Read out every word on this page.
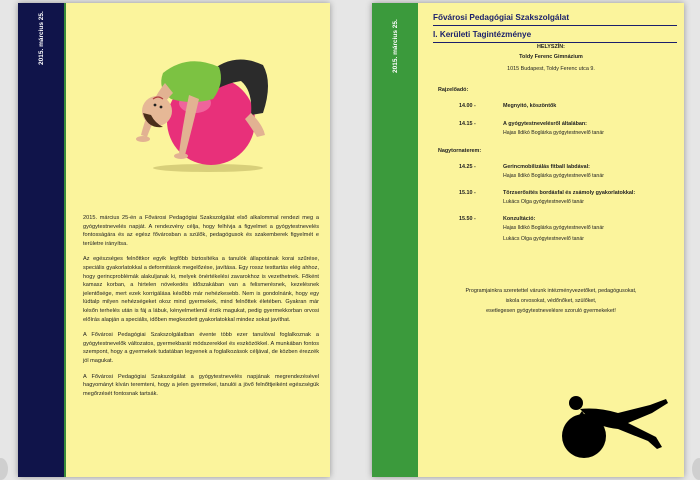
2015. március 25.

2015. március 25-én a Fővárosi Pedagógiai Szakszolgálat első alkalommal rendezi meg a gyógytestnevelés napját. A rendezvény célja, hogy felhívja a figyelmet a gyógytestnevelés fontosságára és az egész fővárosban a szülők, pedagógusok és szakemberek figyelmét e területre irányítsa.

Az egészséges felnőttkor egyik legfőbb biztosítéka a tanulók állapotának korai szűrése, speciális gyakorlatokkal a deformitások megelőzése, javítása. Egy rossz testtartás elég ahhoz, hogy gerincproblémák alakuljanak ki, melyek önértékelési zavarokhoz is vezethetnek. Főként kamasz korban, a hirtelen növekedés időszakában van a felismerésnek, kezelésnek jelentősége, mert ezek korrigálása később már nehézkesebb. Nem is gondolnánk, hogy egy lúdtalp milyen nehézségeket okoz mind gyermekek, mind felnőttek életében. Gyakran már későn terhelés után is fáj a lábuk, kényelmetlenül érzik magukat, pedig gyermekkorban orvosi előírás alapján a speciális, időben megkezdett gyakorlatokkal mindez sokat javíthat.

A Fővárosi Pedagógiai Szakszolgálatban évente több ezer tanulóval foglalkoznak a gyógytestnevelők változatos, gyermekbarát módszerekkel és eszközökkel. A munkában fontos szempont, hogy a gyermekek tudatában legyenek a foglalkozások céljával, de közben érezzék jól magukat.

A Fővárosi Pedagógiai Szakszolgálat a gyógytestnevelés napjának megrendezésével hagyományt kíván teremteni, hogy a jelen gyermekei, tanulói a jövő felnőttjeiként egészségük megőrzését fontosnak tartsák.

2015. március 25.
Fővárosi Pedagógiai Szakszolgálat
I. Kerületi Tagintézménye
HELYSZÍN:
Toldy Ferenc Gimnázium
1015 Budapest, Toldy Ferenc utca 9.
Rajzelőadó:
14.00 -	Megnyitó, köszöntők
14.15 -	A gyógytestnevelésről általában:
Hajas Ildikó Boglárka gyógytestnevelő tanár
Nagytornaterem:
14.25 -	Gerincmobilizálás fitball labdával:
Hajas Ildikó Boglárka gyógytestnevelő tanár
15.10 -	Törzserősítés bordásfal és zsámoly gyakorlatokkal:
Lukács Olga gyógytestnevelő tanár
15.50 -	Konzultáció:
Hajas Ildikó Boglárka gyógytestnevelő tanár
Lukács Olga gyógytestnevelő tanár
Programjainkra szeretettel várunk intézményvezetőket, pedagógusokat,
iskola orvosokat, védőnőket, szülőket,
esetlegesen gyógytestnevelésre szoruló gyermekeket!
